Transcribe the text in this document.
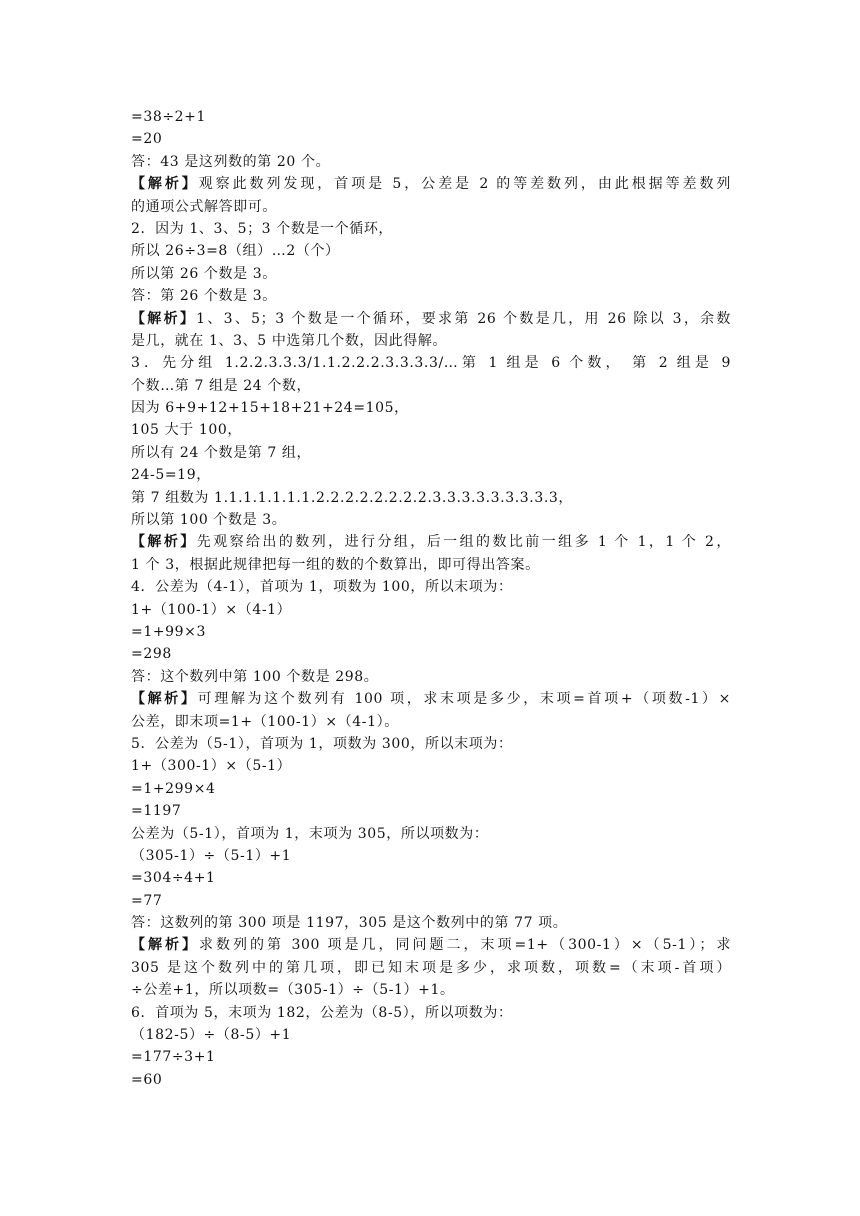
=38÷2+1
=20
答：43 是这列数的第 20 个。
【解析】观察此数列发现，首项是 5，公差是 2 的等差数列，由此根据等差数列
的通项公式解答即可。
2．因为 1、3、5；3 个数是一个循环，
所以 26÷3=8（组）…2（个）
所以第 26 个数是 3。
答：第 26 个数是 3。
【解析】1、3、5；3 个数是一个循环，要求第 26 个数是几，用 26 除以 3，余数
是几，就在 1、3、5 中选第几个数，因此得解。
3．先分组 1.2.2.3.3.3/1.1.2.2.2.3.3.3.3/…第 1 组是 6 个数， 第 2 组是 9
个数…第 7 组是 24 个数，
因为 6+9+12+15+18+21+24=105，
105 大于 100，
所以有 24 个数是第 7 组，
24-5=19，
第 7 组数为 1.1.1.1.1.1.1.2.2.2.2.2.2.2.2.3.3.3.3.3.3.3.3.3，
所以第 100 个数是 3。
【解析】先观察给出的数列，进行分组，后一组的数比前一组多 1 个 1，1 个 2，
1 个 3，根据此规律把每一组的数的个数算出，即可得出答案。
4．公差为（4-1），首项为 1，项数为 100，所以末项为：
1+（100-1）×（4-1）
=1+99×3
=298
答：这个数列中第 100 个数是 298。
【解析】可理解为这个数列有 100 项，求末项是多少，末项=首项+（项数-1）×
公差，即末项=1+（100-1）×（4-1）。
5．公差为（5-1），首项为 1，项数为 300，所以末项为：
1+（300-1）×（5-1）
=1+299×4
=1197
公差为（5-1），首项为 1，末项为 305，所以项数为：
（305-1）÷（5-1）+1
=304÷4+1
=77
答：这数列的第 300 项是 1197，305 是这个数列中的第 77 项。
【解析】求数列的第 300 项是几，同问题二，末项=1+（300-1）×（5-1）；求
305 是这个数列中的第几项，即已知末项是多少，求项数，项数=（末项-首项）
÷公差+1，所以项数=（305-1）÷（5-1）+1。
6．首项为 5，末项为 182，公差为（8-5），所以项数为：
（182-5）÷（8-5）+1
=177÷3+1
=60
